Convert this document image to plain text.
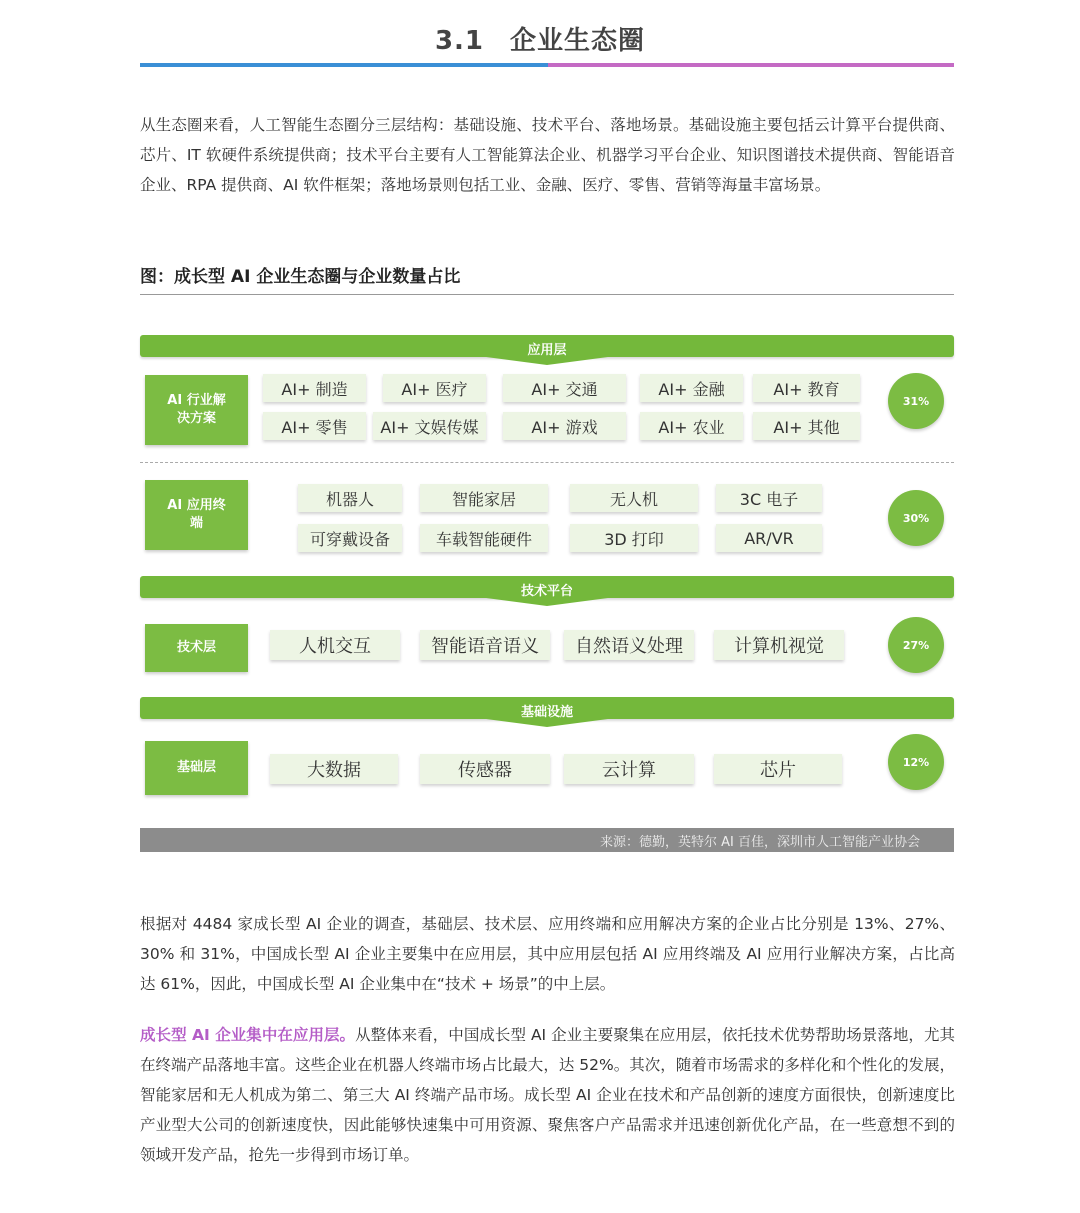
3.1 企业生态圈
从生态圈来看，人工智能生态圈分三层结构：基础设施、技术平台、落地场景。基础设施主要包括云计算平台提供商、芯片、IT 软硬件系统提供商；技术平台主要有人工智能算法企业、机器学习平台企业、知识图谱技术提供商、智能语音企业、RPA 提供商、AI 软件框架；落地场景则包括工业、金融、医疗、零售、营销等海量丰富场景。
图：成长型 AI 企业生态圈与企业数量占比
应用层
AI 行业解决方案
AI+ 制造	AI+ 医疗	AI+ 交通	AI+ 金融	AI+ 教育
AI+ 零售	AI+ 文娱传媒	AI+ 游戏	AI+ 农业	AI+ 其他
31%
AI 应用终端
机器人	智能家居	无人机	3C 电子
可穿戴设备	车载智能硬件	3D 打印	AR/VR
30%
技术平台
技术层	人机交互	智能语音语义	自然语义处理	计算机视觉	27%
基础设施
基础层	大数据	传感器	云计算	芯片	12%
来源：德勤，英特尔 AI 百佳，深圳市人工智能产业协会
根据对 4484 家成长型 AI 企业的调查，基础层、技术层、应用终端和应用解决方案的企业占比分别是 13%、27%、30% 和 31%，中国成长型 AI 企业主要集中在应用层，其中应用层包括 AI 应用终端及 AI 应用行业解决方案，占比高达 61%，因此，中国成长型 AI 企业集中在“技术 + 场景”的中上层。
成长型 AI 企业集中在应用层。从整体来看，中国成长型 AI 企业主要聚集在应用层，依托技术优势帮助场景落地，尤其在终端产品落地丰富。这些企业在机器人终端市场占比最大，达 52%。其次，随着市场需求的多样化和个性化的发展，智能家居和无人机成为第二、第三大 AI 终端产品市场。成长型 AI 企业在技术和产品创新的速度方面很快，创新速度比产业型大公司的创新速度快，因此能够快速集中可用资源、聚焦客户产品需求并迅速创新优化产品，在一些意想不到的领域开发产品，抢先一步得到市场订单。
